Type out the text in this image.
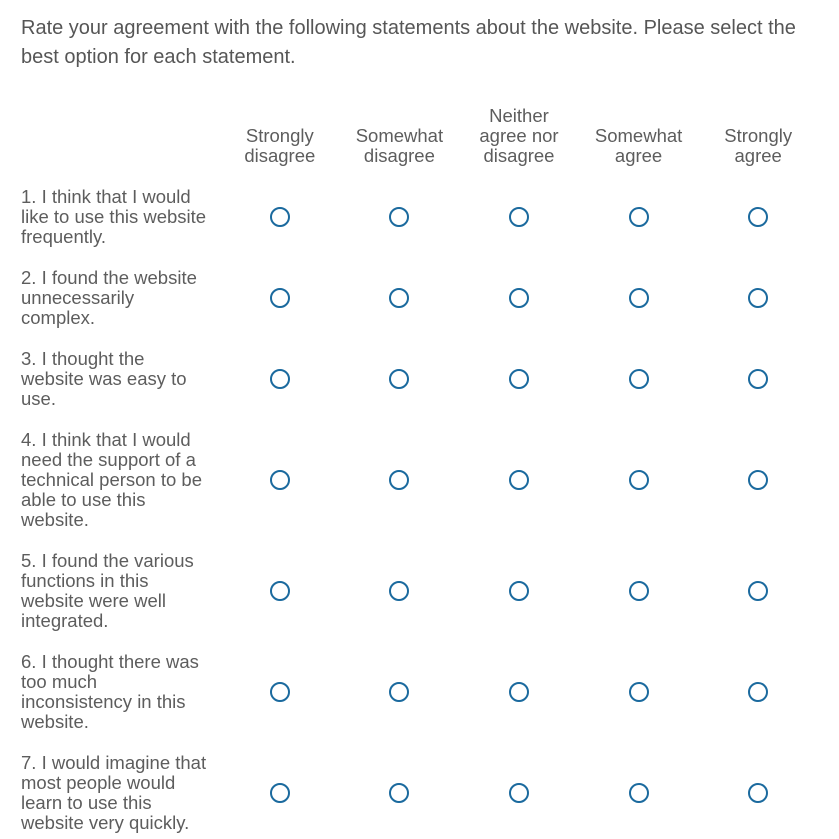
Rate your agreement with the following statements about the website. Please select the best option for each statement.

Strongly disagree
Somewhat disagree
Neither agree nor disagree
Somewhat agree
Strongly agree
1. I think that I would like to use this website frequently.
2. I found the website unnecessarily complex.
3. I thought the website was easy to use.
4. I think that I would need the support of a technical person to be able to use this website.
5. I found the various functions in this website were well integrated.
6. I thought there was too much inconsistency in this website.
7. I would imagine that most people would learn to use this website very quickly.
